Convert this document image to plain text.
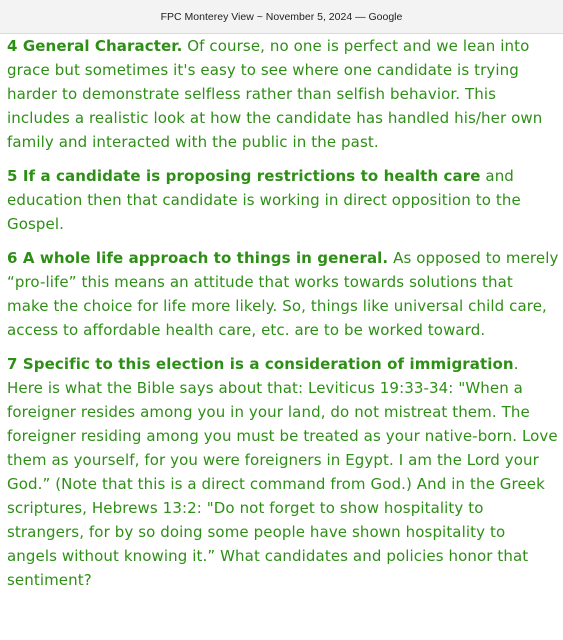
FPC Monterey View ~ November 5, 2024 — Google

4 General Character. Of course, no one is perfect and we lean into grace but sometimes it's easy to see where one candidate is trying harder to demonstrate selfless rather than selfish behavior. This includes a realistic look at how the candidate has handled his/her own family and interacted with the public in the past.

5 If a candidate is proposing restrictions to health care and education then that candidate is working in direct opposition to the Gospel.

6 A whole life approach to things in general. As opposed to merely “pro-life” this means an attitude that works towards solutions that make the choice for life more likely. So, things like universal child care, access to affordable health care, etc. are to be worked toward.

7 Specific to this election is a consideration of immigration. Here is what the Bible says about that: Leviticus 19:33-34: "When a foreigner resides among you in your land, do not mistreat them. The foreigner residing among you must be treated as your native-born. Love them as yourself, for you were foreigners in Egypt. I am the Lord your God.” (Note that this is a direct command from God.) And in the Greek scriptures, Hebrews 13:2: "Do not forget to show hospitality to strangers, for by so doing some people have shown hospitality to angels without knowing it.” What candidates and policies honor that sentiment?
